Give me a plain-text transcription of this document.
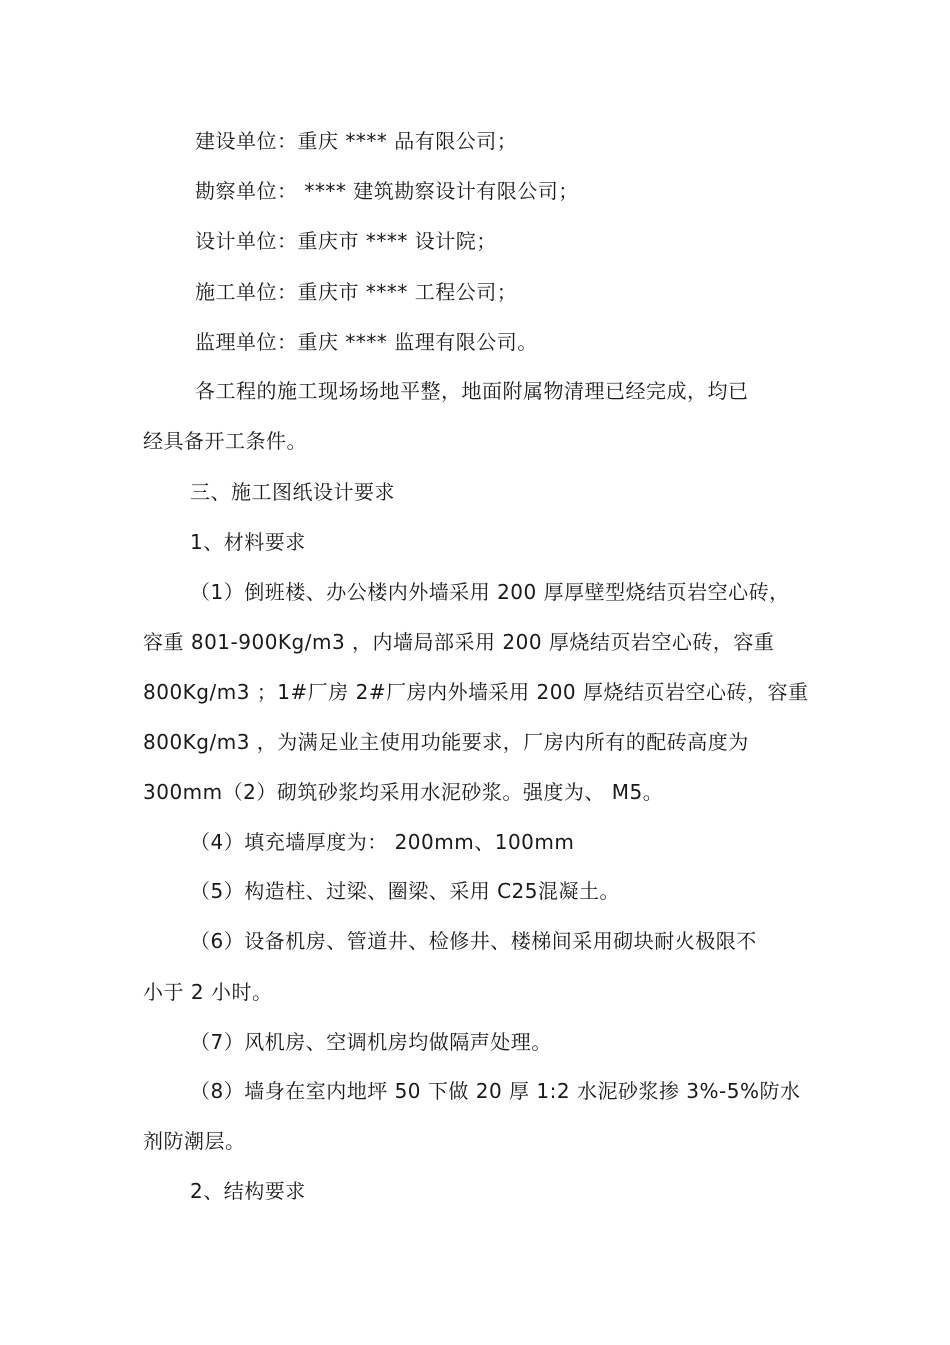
建设单位：重庆 **** 品有限公司；
勘察单位： **** 建筑勘察设计有限公司；
设计单位：重庆市 **** 设计院；
施工单位：重庆市 **** 工程公司；
监理单位：重庆 **** 监理有限公司。
各工程的施工现场场地平整，地面附属物清理已经完成，均已
经具备开工条件。
三、施工图纸设计要求
1、材料要求
（1）倒班楼、办公楼内外墙采用 200 厚厚壁型烧结页岩空心砖，
容重 801-900Kg/m3 ，内墙局部采用 200 厚烧结页岩空心砖，容重
800Kg/m3 ；1#厂房 2#厂房内外墙采用 200 厚烧结页岩空心砖，容重
800Kg/m3 ，为满足业主使用功能要求，厂房内所有的配砖高度为
300mm（2）砌筑砂浆均采用水泥砂浆。强度为、 M5。
（4）填充墙厚度为： 200mm、100mm
（5）构造柱、过梁、圈梁、采用 C25混凝土。
（6）设备机房、管道井、检修井、楼梯间采用砌块耐火极限不
小于 2 小时。
（7）风机房、空调机房均做隔声处理。
（8）墙身在室内地坪 50 下做 20 厚 1:2 水泥砂浆掺 3%-5%防水
剂防潮层。
2、结构要求
